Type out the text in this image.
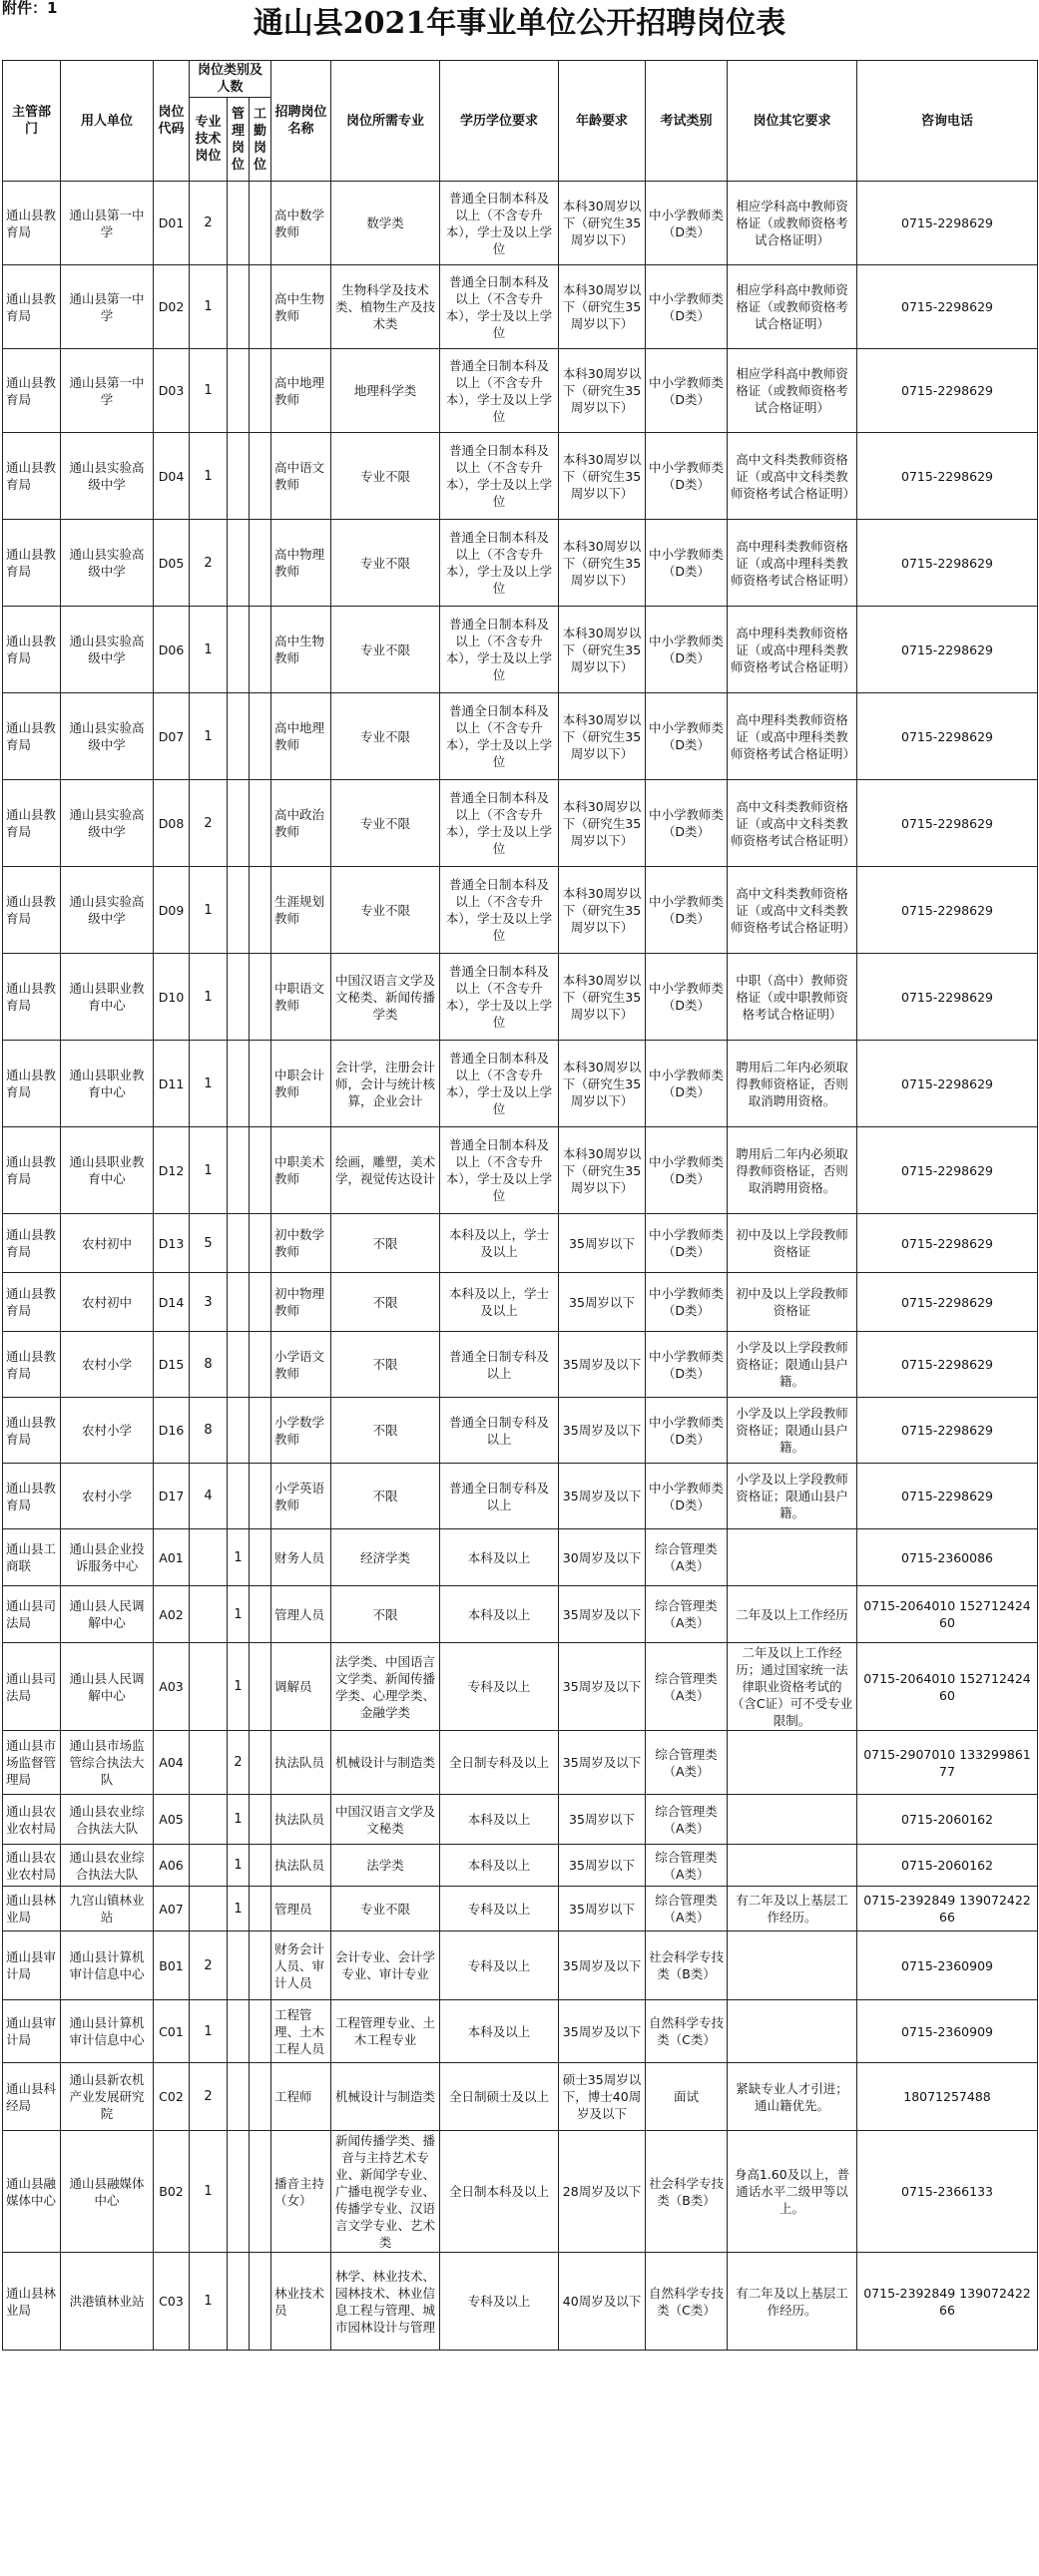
附件：1	通山县2021年事业单位公开招聘岗位表
主管部门	用人单位	岗位代码	岗位类别及人数			招聘岗位名称	岗位所需专业	学历学位要求	年龄要求	考试类别	岗位其它要求	咨询电话
			专业技术岗位	管理岗位	工勤岗位							
通山县教育局	通山县第一中学	D01	2			高中数学教师	数学类	普通全日制本科及以上（不含专升本），学士及以上学位	本科30周岁以下（研究生35周岁以下）	中小学教师类（D类）	相应学科高中教师资格证（或教师资格考试合格证明）	0715-2298629
通山县教育局	通山县第一中学	D02	1			高中生物教师	生物科学及技术类、植物生产及技术类	普通全日制本科及以上（不含专升本），学士及以上学位	本科30周岁以下（研究生35周岁以下）	中小学教师类（D类）	相应学科高中教师资格证（或教师资格考试合格证明）	0715-2298629
通山县教育局	通山县第一中学	D03	1			高中地理教师	地理科学类	普通全日制本科及以上（不含专升本），学士及以上学位	本科30周岁以下（研究生35周岁以下）	中小学教师类（D类）	相应学科高中教师资格证（或教师资格考试合格证明）	0715-2298629
通山县教育局	通山县实验高级中学	D04	1			高中语文教师	专业不限	普通全日制本科及以上（不含专升本），学士及以上学位	本科30周岁以下（研究生35周岁以下）	中小学教师类（D类）	高中文科类教师资格证（或高中文科类教师资格考试合格证明）	0715-2298629
通山县教育局	通山县实验高级中学	D05	2			高中物理教师	专业不限	普通全日制本科及以上（不含专升本），学士及以上学位	本科30周岁以下（研究生35周岁以下）	中小学教师类（D类）	高中理科类教师资格证（或高中理科类教师资格考试合格证明）	0715-2298629
通山县教育局	通山县实验高级中学	D06	1			高中生物教师	专业不限	普通全日制本科及以上（不含专升本），学士及以上学位	本科30周岁以下（研究生35周岁以下）	中小学教师类（D类）	高中理科类教师资格证（或高中理科类教师资格考试合格证明）	0715-2298629
通山县教育局	通山县实验高级中学	D07	1			高中地理教师	专业不限	普通全日制本科及以上（不含专升本），学士及以上学位	本科30周岁以下（研究生35周岁以下）	中小学教师类（D类）	高中理科类教师资格证（或高中理科类教师资格考试合格证明）	0715-2298629
通山县教育局	通山县实验高级中学	D08	2			高中政治教师	专业不限	普通全日制本科及以上（不含专升本），学士及以上学位	本科30周岁以下（研究生35周岁以下）	中小学教师类（D类）	高中文科类教师资格证（或高中文科类教师资格考试合格证明）	0715-2298629
通山县教育局	通山县实验高级中学	D09	1			生涯规划教师	专业不限	普通全日制本科及以上（不含专升本），学士及以上学位	本科30周岁以下（研究生35周岁以下）	中小学教师类（D类）	高中文科类教师资格证（或高中文科类教师资格考试合格证明）	0715-2298629
通山县教育局	通山县职业教育中心	D10	1			中职语文教师	中国汉语言文学及文秘类、新闻传播学类	普通全日制本科及以上（不含专升本），学士及以上学位	本科30周岁以下（研究生35周岁以下）	中小学教师类（D类）	中职（高中）教师资格证（或中职教师资格考试合格证明）	0715-2298629
通山县教育局	通山县职业教育中心	D11	1			中职会计教师	会计学，注册会计师，会计与统计核算，企业会计	普通全日制本科及以上（不含专升本），学士及以上学位	本科30周岁以下（研究生35周岁以下）	中小学教师类（D类）	聘用后二年内必须取得教师资格证，否则取消聘用资格。	0715-2298629
通山县教育局	通山县职业教育中心	D12	1			中职美术教师	绘画，雕塑，美术学，视觉传达设计	普通全日制本科及以上（不含专升本），学士及以上学位	本科30周岁以下（研究生35周岁以下）	中小学教师类（D类）	聘用后二年内必须取得教师资格证，否则取消聘用资格。	0715-2298629
通山县教育局	农村初中	D13	5			初中数学教师	不限	本科及以上，学士及以上	35周岁以下	中小学教师类（D类）	初中及以上学段教师资格证	0715-2298629
通山县教育局	农村初中	D14	3			初中物理教师	不限	本科及以上，学士及以上	35周岁以下	中小学教师类（D类）	初中及以上学段教师资格证	0715-2298629
通山县教育局	农村小学	D15	8			小学语文教师	不限	普通全日制专科及以上	35周岁及以下	中小学教师类（D类）	小学及以上学段教师资格证；限通山县户籍。	0715-2298629
通山县教育局	农村小学	D16	8			小学数学教师	不限	普通全日制专科及以上	35周岁及以下	中小学教师类（D类）	小学及以上学段教师资格证；限通山县户籍。	0715-2298629
通山县教育局	农村小学	D17	4			小学英语教师	不限	普通全日制专科及以上	35周岁及以下	中小学教师类（D类）	小学及以上学段教师资格证；限通山县户籍。	0715-2298629
通山县工商联	通山县企业投诉服务中心	A01		1		财务人员	经济学类	本科及以上	30周岁及以下	综合管理类（A类）		0715-2360086
通山县司法局	通山县人民调解中心	A02		1		管理人员	不限	本科及以上	35周岁及以下	综合管理类（A类）	二年及以上工作经历	0715-2064010 15271242460
通山县司法局	通山县人民调解中心	A03		1		调解员	法学类、中国语言文学类、新闻传播学类、心理学类、金融学类	专科及以上	35周岁及以下	综合管理类（A类）	二年及以上工作经历；通过国家统一法律职业资格考试的（含C证）可不受专业限制。	0715-2064010 15271242460
通山县市场监督管理局	通山县市场监管综合执法大队	A04		2		执法队员	机械设计与制造类	全日制专科及以上	35周岁及以下	综合管理类（A类）		0715-2907010 13329986177
通山县农业农村局	通山县农业综合执法大队	A05		1		执法队员	中国汉语言文学及文秘类	本科及以上	35周岁以下	综合管理类（A类）		0715-2060162
通山县农业农村局	通山县农业综合执法大队	A06		1		执法队员	法学类	本科及以上	35周岁以下	综合管理类（A类）		0715-2060162
通山县林业局	九宫山镇林业站	A07		1		管理员	专业不限	专科及以上	35周岁以下	综合管理类（A类）	有二年及以上基层工作经历。	0715-2392849 13907242266
通山县审计局	通山县计算机审计信息中心	B01	2			财务会计人员、审计人员	会计专业、会计学专业、审计专业	专科及以上	35周岁及以下	社会科学专技类（B类）		0715-2360909
通山县审计局	通山县计算机审计信息中心	C01	1			工程管理、土木工程人员	工程管理专业、土木工程专业	本科及以上	35周岁及以下	自然科学专技类（C类）		0715-2360909
通山县科经局	通山县新农机产业发展研究院	C02	2			工程师	机械设计与制造类	全日制硕士及以上	硕士35周岁以下，博士40周岁及以下	面试	紧缺专业人才引进；通山籍优先。	18071257488
通山县融媒体中心	通山县融媒体中心	B02	1			播音主持（女）	新闻传播学类、播音与主持艺术专业、新闻学专业、广播电视学专业、传播学专业、汉语言文学专业、艺术类	全日制本科及以上	28周岁及以下	社会科学专技类（B类）	身高1.60及以上，普通话水平二级甲等以上。	0715-2366133
通山县林业局	洪港镇林业站	C03	1			林业技术员	林学、林业技术、园林技术、林业信息工程与管理、城市园林设计与管理	专科及以上	40周岁及以下	自然科学专技类（C类）	有二年及以上基层工作经历。	0715-2392849 13907242266
